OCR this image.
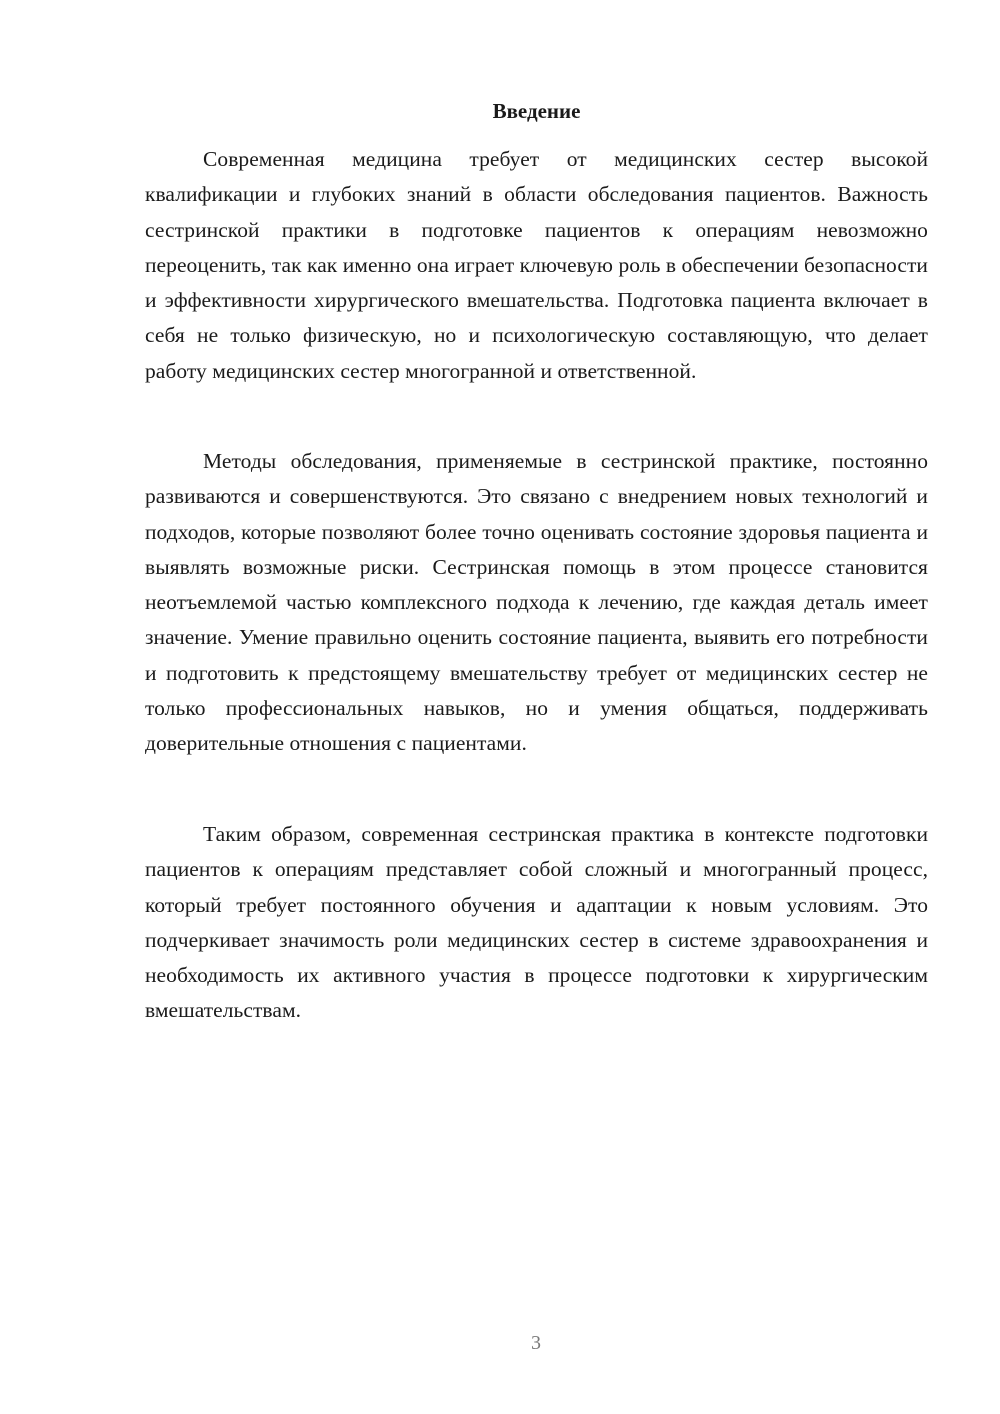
Введение

Современная медицина требует от медицинских сестер высокой квалификации и глубоких знаний в области обследования пациентов. Важность сестринской практики в подготовке пациентов к операциям невозможно переоценить, так как именно она играет ключевую роль в обеспечении безопасности и эффективности хирургического вмешательства. Подготовка пациента включает в себя не только физическую, но и психологическую составляющую, что делает работу медицинских сестер многогранной и ответственной.

Методы обследования, применяемые в сестринской практике, постоянно развиваются и совершенствуются. Это связано с внедрением новых технологий и подходов, которые позволяют более точно оценивать состояние здоровья пациента и выявлять возможные риски. Сестринская помощь в этом процессе становится неотъемлемой частью комплексного подхода к лечению, где каждая деталь имеет значение. Умение правильно оценить состояние пациента, выявить его потребности и подготовить к предстоящему вмешательству требует от медицинских сестер не только профессиональных навыков, но и умения общаться, поддерживать доверительные отношения с пациентами.

Таким образом, современная сестринская практика в контексте подготовки пациентов к операциям представляет собой сложный и многогранный процесс, который требует постоянного обучения и адаптации к новым условиям. Это подчеркивает значимость роли медицинских сестер в системе здравоохранения и необходимость их активного участия в процессе подготовки к хирургическим вмешательствам.

3
